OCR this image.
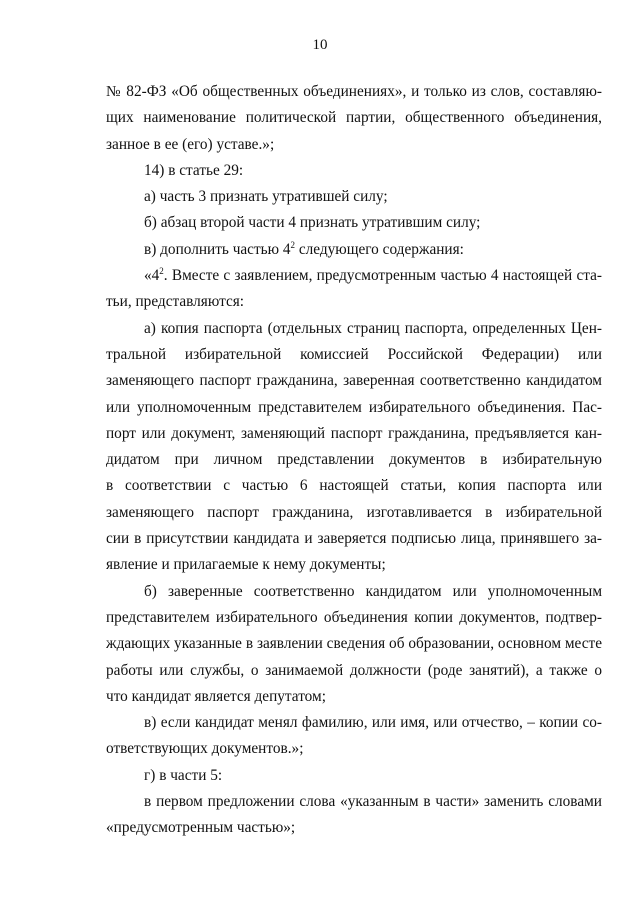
10
№ 82-ФЗ «Об общественных объединениях», и только из слов, составляю-
щих наименование политической партии, общественного объединения,
занное в ее (его) уставе.»;
14) в статье 29:
а) часть 3 признать утратившей силу;
б) абзац второй части 4 признать утратившим силу;
в) дополнить частью $4^2$ следующего содержания:
«$4^2$. Вместе с заявлением, предусмотренным частью 4 настоящей ста-
тьи, представляются:
а) копия паспорта (отдельных страниц паспорта, определенных Цен-
тральной избирательной комиссией Российской Федерации) или
заменяющего паспорт гражданина, заверенная соответственно кандидатом
или уполномоченным представителем избирательного объединения. Пас-
порт или документ, заменяющий паспорт гражданина, предъявляется кан-
дидатом при личном представлении документов в избирательную
в соответствии с частью 6 настоящей статьи, копия паспорта или
заменяющего паспорт гражданина, изготавливается в избирательной
сии в присутствии кандидата и заверяется подписью лица, принявшего за-
явление и прилагаемые к нему документы;
б) заверенные соответственно кандидатом или уполномоченным
представителем избирательного объединения копии документов, подтвер-
ждающих указанные в заявлении сведения об образовании, основном месте
работы или службы, о занимаемой должности (роде занятий), а также о
что кандидат является депутатом;
в) если кандидат менял фамилию, или имя, или отчество, – копии со-
ответствующих документов.»;
г) в части 5:
в первом предложении слова «указанным в части» заменить словами
«предусмотренным частью»;
